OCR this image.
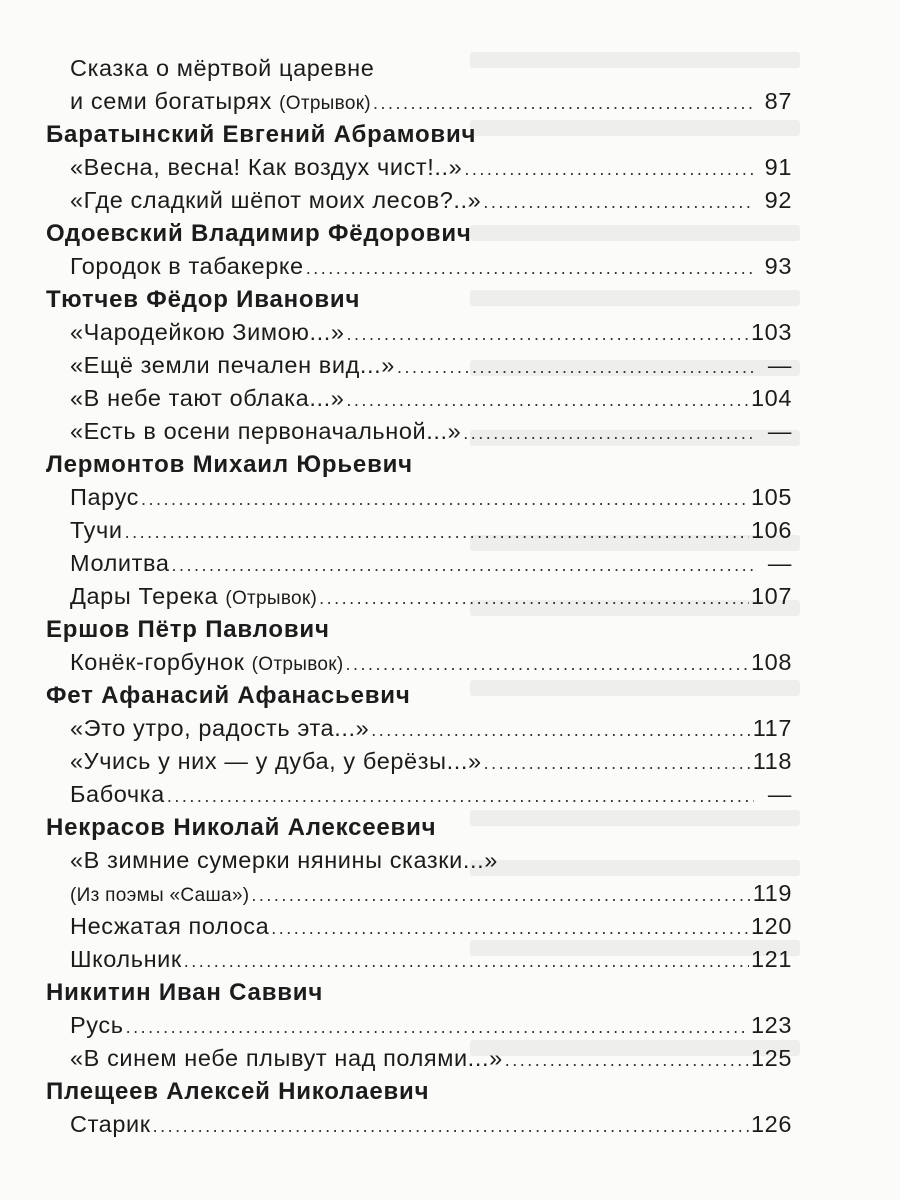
Сказка о мёртвой царевне
и семи богатырях (Отрывок) .....	87
Баратынский Евгений Абрамович
«Весна, весна! Как воздух чист!..» .....	91
«Где сладкий шёпот моих лесов?..» .....	92
Одоевский Владимир Фёдорович
Городок в табакерке .....	93
Тютчев Фёдор Иванович
«Чародейкою Зимою...» .....	103
«Ещё земли печален вид...» .....	—
«В небе тают облака...» .....	104
«Есть в осени первоначальной...» .....	—
Лермонтов Михаил Юрьевич
Парус .....	105
Тучи .....	106
Молитва .....	—
Дары Терека (Отрывок) .....	107
Ершов Пётр Павлович
Конёк-горбунок (Отрывок) .....	108
Фет Афанасий Афанасьевич
«Это утро, радость эта...» .....	117
«Учись у них — у дуба, у берёзы...» .....	118
Бабочка .....	—
Некрасов Николай Алексеевич
«В зимние сумерки нянины сказки...»
(Из поэмы «Саша») .....	119
Несжатая полоса .....	120
Школьник .....	121
Никитин Иван Саввич
Русь .....	123
«В синем небе плывут над полями...» .....	125
Плещеев Алексей Николаевич
Старик .....	126
